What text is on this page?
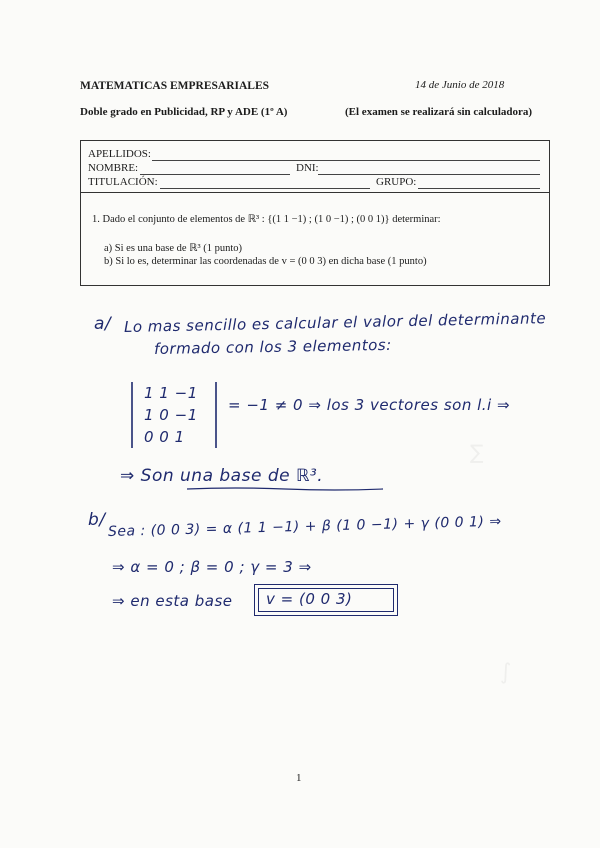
MATEMATICAS EMPRESARIALES	14 de Junio de 2018
Doble grado en Publicidad, RP y ADE (1º A)	(El examen se realizará sin calculadora)
APELLIDOS:
NOMBRE:	DNI:
TITULACIÓN:	GRUPO:
1. Dado el conjunto de elementos de ℝ³ : {(1 1 −1) ; (1 0 −1) ; (0 0 1)} determinar:
a) Si es una base de ℝ³ (1 punto)
b) Si lo es, determinar las coordenadas de v = (0 0 3) en dicha base (1 punto)
∑
∫
a/ Lo mas sencillo es calcular el valor del determinante
formado con los 3 elementos:
1 1 −1
1 0 −1
0 0 1
= −1 ≠ 0 ⇒ los 3 vectores son l.i ⇒
⇒ Son una base de ℝ³.
b/ Sea : (0 0 3) = α (1 1 −1) + β (1 0 −1) + γ (0 0 1) ⇒
⇒ α = 0 ; β = 0 ; γ = 3 ⇒
⇒ en esta base v = (0 0 3)
1
